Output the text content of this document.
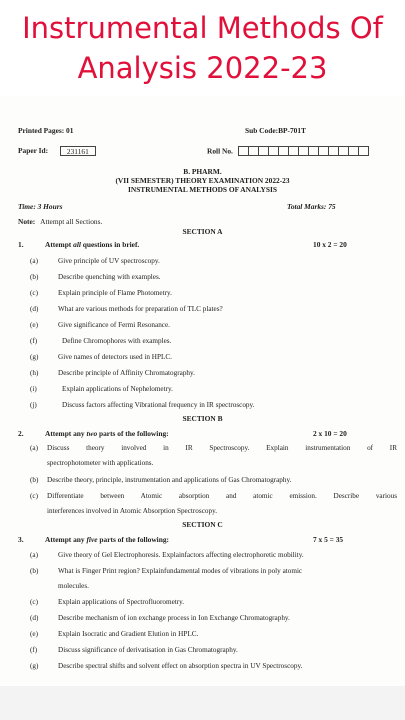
Instrumental Methods Of
Analysis 2022-23
Printed Pages: 01	Sub Code:BP-701T
Paper Id:	231161	Roll No.
B. PHARM.
(VII SEMESTER) THEORY EXAMINATION 2022-23
INSTRUMENTAL METHODS OF ANALYSIS
Time: 3 Hours	Total Marks: 75
Note: Attempt all Sections.
SECTION A
1.	Attempt all questions in brief.	10 x 2 = 20
(a)	Give principle of UV spectroscopy.
(b)	Describe quenching with examples.
(c)	Explain principle of Flame Photometry.
(d)	What are various methods for preparation of TLC plates?
(e)	Give significance of Fermi Resonance.
(f)	Define Chromophores with examples.
(g)	Give names of detectors used in HPLC.
(h)	Describe principle of Affinity Chromatography.
(i)	Explain applications of Nephelometry.
(j)	Discuss factors affecting Vibrational frequency in IR spectroscopy.
SECTION B
2.	Attempt any two parts of the following:	2 x 10 = 20
(a) Discuss theory involved in IR Spectroscopy. Explain instrumentation of IR
spectrophotometer with applications.
(b) Describe theory, principle, instrumentation and applications of Gas Chromatography.
(c) Differentiate between Atomic absorption and atomic emission. Describe various
interferences involved in Atomic Absorption Spectroscopy.
SECTION C
3.	Attempt any five parts of the following:	7 x 5 = 35
(a)	Give theory of Gel Electrophoresis. Explainfactors affecting electrophoretic mobility.
(b)	What is Finger Print region? Explainfundamental modes of vibrations in poly atomic
molecules.
(c)	Explain applications of Spectrofluorometry.
(d)	Describe mechanism of ion exchange process in Ion Exchange Chromatography.
(e)	Explain Isocratic and Gradient Elution in HPLC.
(f)	Discuss significance of derivatisation in Gas Chromatography.
(g)	Describe spectral shifts and solvent effect on absorption spectra in UV Spectroscopy.
